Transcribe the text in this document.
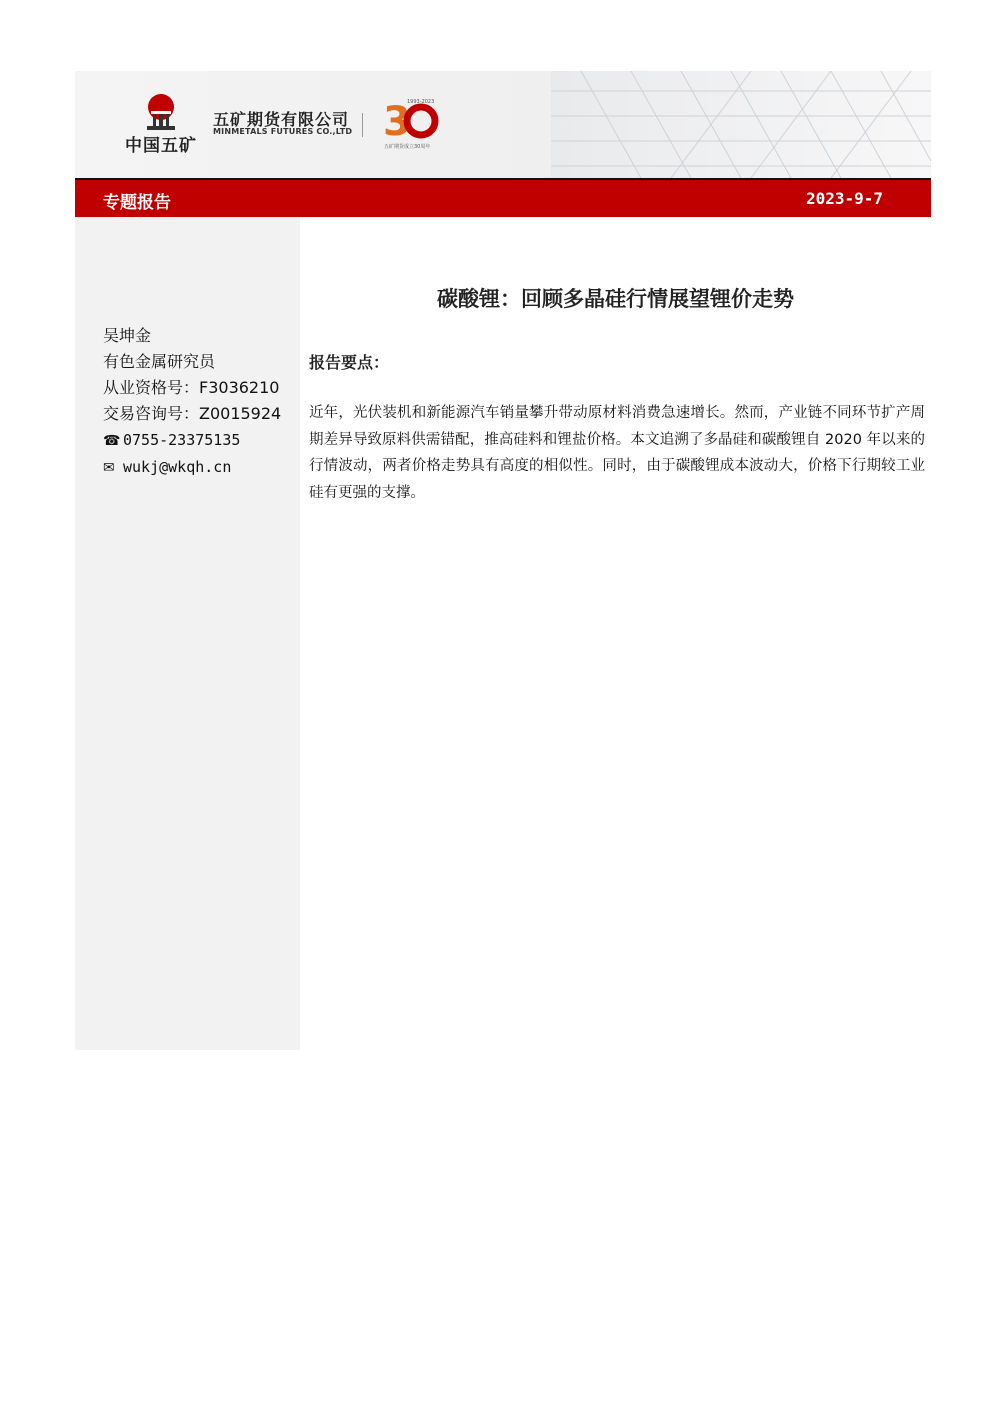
中国五矿
五矿期货有限公司
MINMETALS FUTURES CO.,LTD 3
1993-2023
五矿期货成立30周年
专题报告	2023-9-7
吴坤金
有色金属研究员
从业资格号：F3036210
交易咨询号：Z0015924
☎ 0755-23375135
✉ wukj@wkqh.cn
碳酸锂：回顾多晶硅行情展望锂价走势
报告要点：
近年，光伏装机和新能源汽车销量攀升带动原材料消费急速增长。然而，产业链不同环节扩产周期差异导致原料供需错配，推高硅料和锂盐价格。本文追溯了多晶硅和碳酸锂自 2020 年以来的行情波动，两者价格走势具有高度的相似性。同时，由于碳酸锂成本波动大，价格下行期较工业硅有更强的支撑。
